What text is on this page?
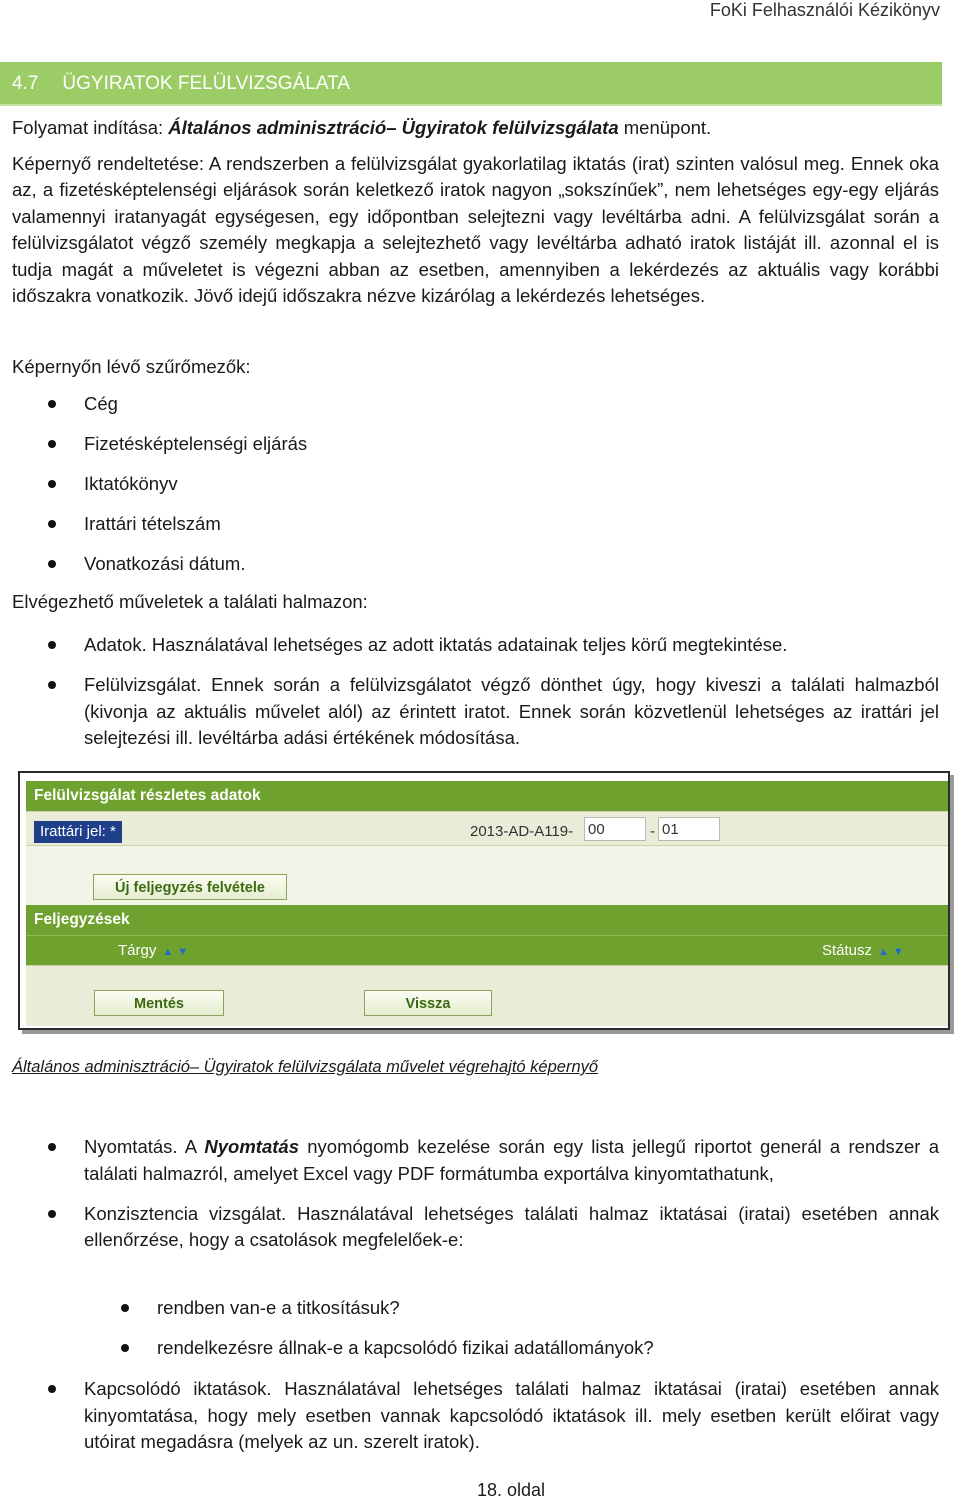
FoKi Felhasználói Kézikönyv
4.7 ÜGYIRATOK FELÜLVIZSGÁLATA

Folyamat indítása: Általános adminisztráció– Ügyiratok felülvizsgálata menüpont.

Képernyő rendeltetése: A rendszerben a felülvizsgálat gyakorlatilag iktatás (irat) szinten valósul meg. Ennek oka az, a fizetésképtelenségi eljárások során keletkező iratok nagyon „sokszínűek”, nem lehetséges egy-egy eljárás valamennyi iratanyagát egységesen, egy időpontban selejtezni vagy levéltárba adni. A felülvizsgálat során a felülvizsgálatot végző személy megkapja a selejtezhető vagy levéltárba adható iratok listáját ill. azonnal el is tudja magát a műveletet is végezni abban az esetben, amennyiben a lekérdezés az aktuális vagy korábbi időszakra vonatkozik. Jövő idejű időszakra nézve kizárólag a lekérdezés lehetséges.

Képernyőn lévő szűrőmezők:
Cég
Fizetésképtelenségi eljárás
Iktatókönyv
Irattári tételszám
Vonatkozási dátum.
Elvégezhető műveletek a találati halmazon:
Adatok. Használatával lehetséges az adott iktatás adatainak teljes körű megtekintése.
Felülvizsgálat. Ennek során a felülvizsgálatot végző dönthet úgy, hogy kiveszi a találati halmazból (kivonja az aktuális művelet alól) az érintett iratot. Ennek során közvetlenül lehetséges az irattári jel selejtezési ill. levéltárba adási értékének módosítása.
Felülvizsgálat részletes adatok
Irattári jel: *	2013-AD-A119- 00	- 01
Új feljegyzés felvétele
Feljegyzések
Tárgy ▲▼	Státusz ▲▼
Mentés	Vissza
Általános adminisztráció– Ügyiratok felülvizsgálata művelet végrehajtó képernyő
Nyomtatás. A Nyomtatás nyomógomb kezelése során egy lista jellegű riportot generál a rendszer a találati halmazról, amelyet Excel vagy PDF formátumba exportálva kinyomtathatunk,
Konzisztencia vizsgálat. Használatával lehetséges találati halmaz iktatásai (iratai) esetében annak ellenőrzése, hogy a csatolások megfelelőek-e:
rendben van-e a titkosításuk?
rendelkezésre állnak-e a kapcsolódó fizikai adatállományok?
Kapcsolódó iktatások. Használatával lehetséges találati halmaz iktatásai (iratai) esetében annak kinyomtatása, hogy mely esetben vannak kapcsolódó iktatások ill. mely esetben került előirat vagy utóirat megadásra (melyek az un. szerelt iratok).
18. oldal
